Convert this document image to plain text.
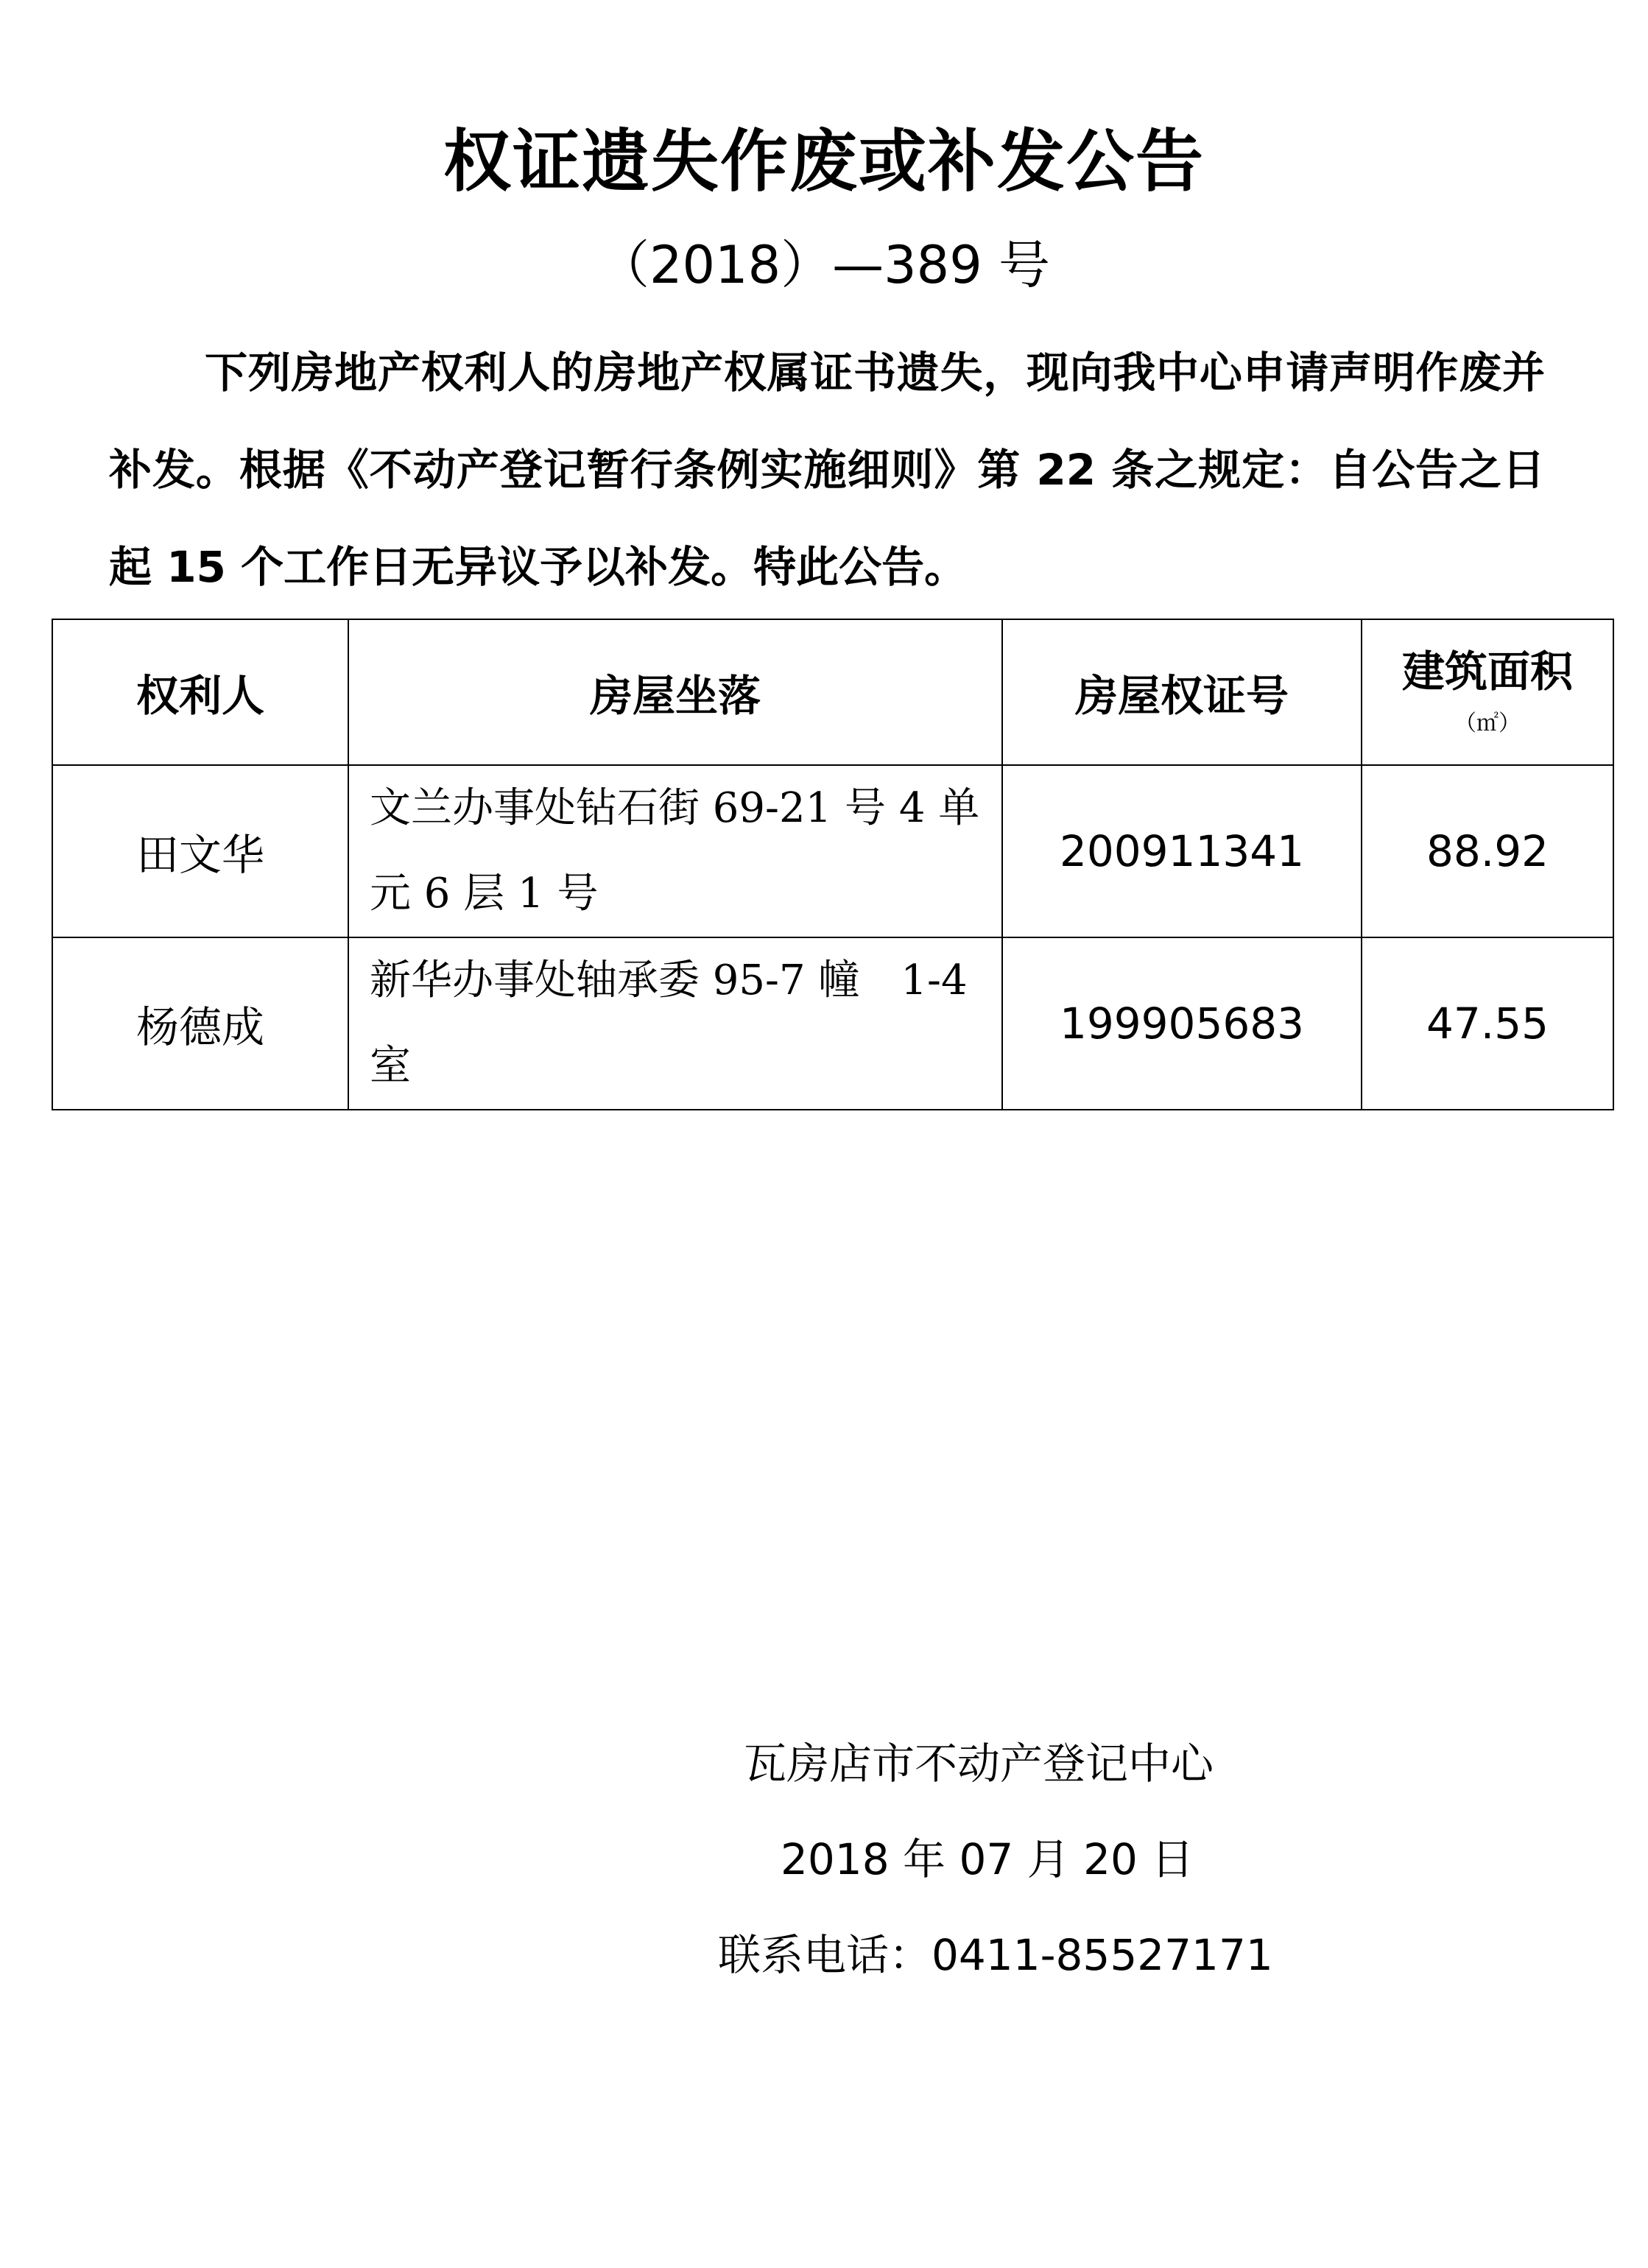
权证遗失作废或补发公告
（2018）—389 号

下列房地产权利人的房地产权属证书遗失，现向我中心申请声明作废并补发。根据《不动产登记暂行条例实施细则》第 22 条之规定：自公告之日起 15 个工作日无异议予以补发。特此公告。

权利人	房屋坐落	房屋权证号	建筑面积
（㎡）

田文华	文兰办事处钻石街 69-21 号 4 单元 6 层 1 号	200911341	88.92
杨德成	新华办事处轴承委 95-7 幢　1-4 室	199905683	47.55
瓦房店市不动产登记中心
2018 年 07 月 20 日
联系电话：0411-85527171
